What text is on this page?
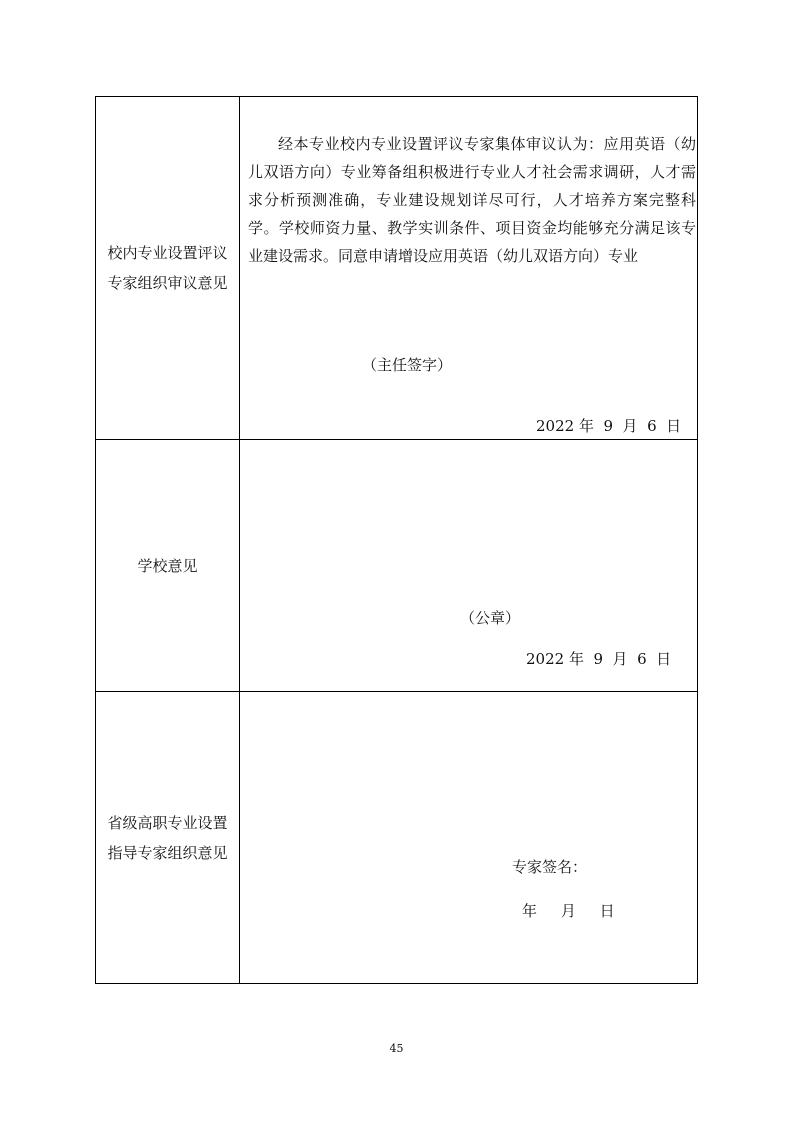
校内专业设置评议专家组织审议意见
经本专业校内专业设置评议专家集体审议认为：应用英语（幼儿双语方向）专业筹备组积极进行专业人才社会需求调研，人才需求分析预测准确，专业建设规划详尽可行，人才培养方案完整科学。学校师资力量、教学实训条件、项目资金均能够充分满足该专业建设需求。同意申请增设应用英语（幼儿双语方向）专业
（主任签字）
2022 年  9  月  6  日
学校意见
（公章）
2022 年  9  月  6  日
省级高职专业设置指导专家组织意见
专家签名：
年     月     日
45
